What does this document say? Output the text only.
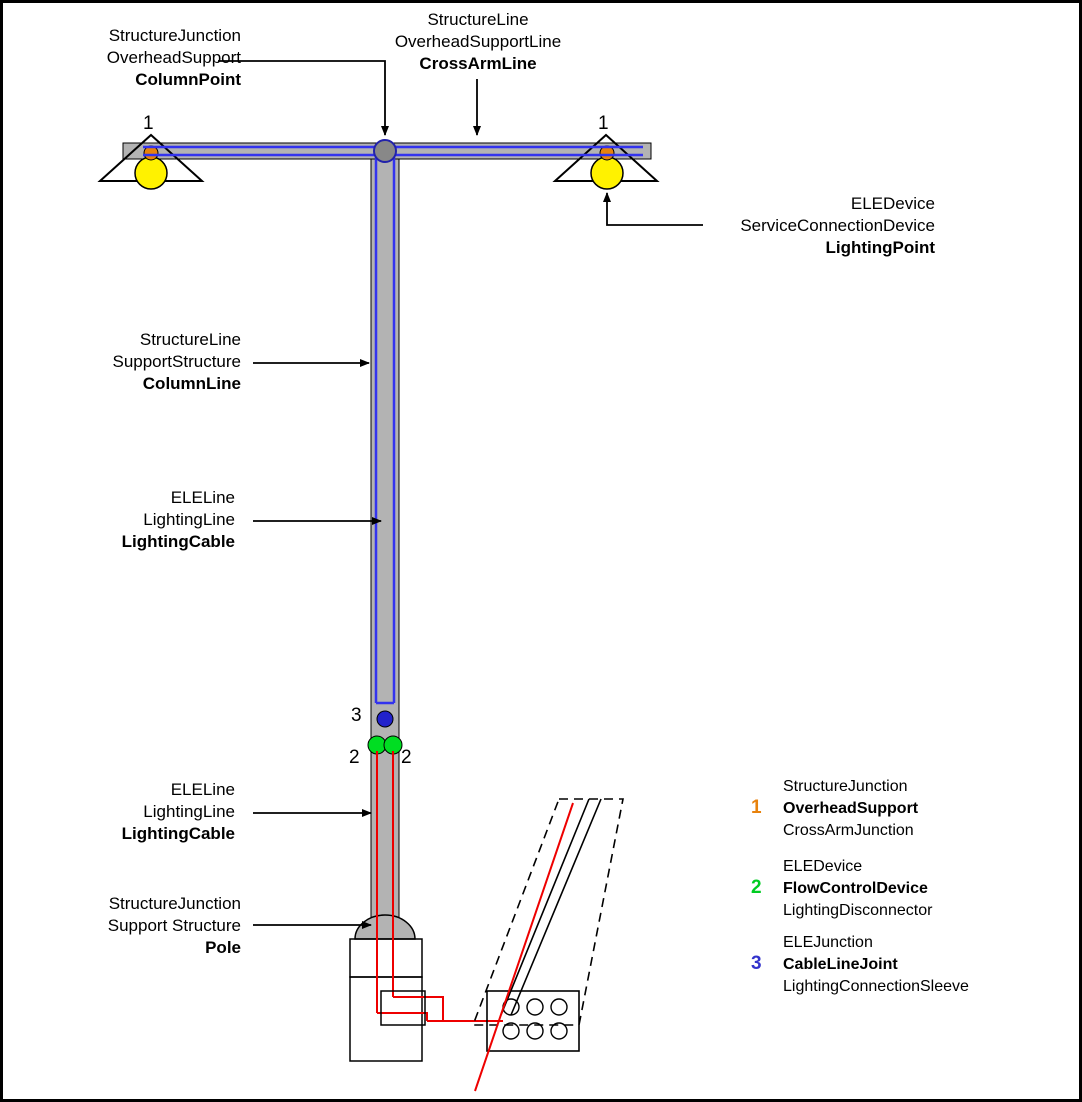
StructureJunction
OverheadSupport
ColumnPoint
StructureLine
OverheadSupportLine
CrossArmLine
ELEDevice
ServiceConnectionDevice
LightingPoint
StructureLine
SupportStructure
ColumnLine
ELELine
LightingLine
LightingCable
ELELine
LightingLine
LightingCable
StructureJunction
Support Structure
Pole
1	1
3
2 2
1
StructureJunction
OverheadSupport
CrossArmJunction
2
ELEDevice
FlowControlDevice
LightingDisconnector
3
ELEJunction
CableLineJoint
LightingConnectionSleeve
